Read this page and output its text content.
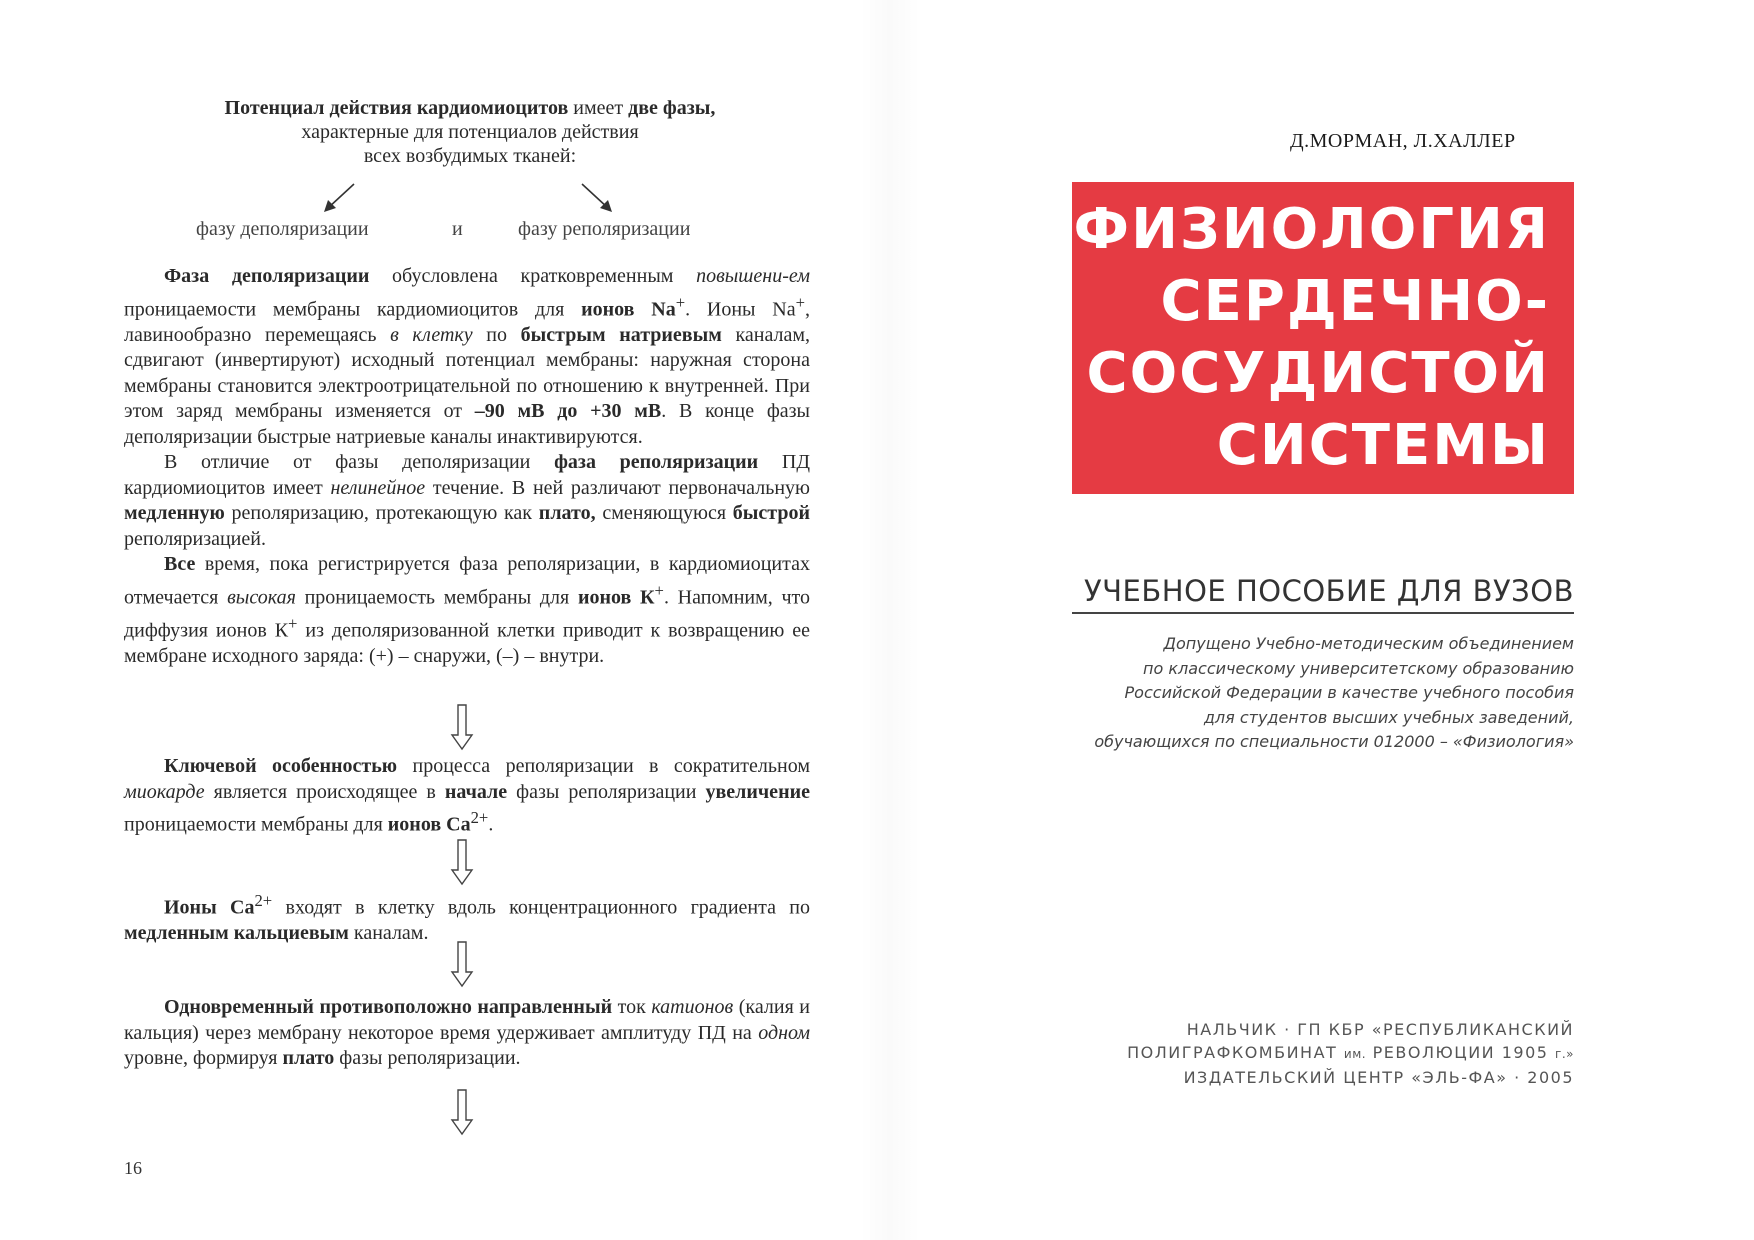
Потенциал действия кардиомиоцитов имеет две фазы,
характерные для потенциалов действия
всех возбудимых тканей:
фазу деполяризации	и	фазу реполяризации

Фаза деполяризации обусловлена кратковременным повышени-ем проницаемости мембраны кардиомиоцитов для ионов Na+. Ионы Na+, лавинообразно перемещаясь в клетку по быстрым натриевым каналам, сдвигают (инвертируют) исходный потенциал мембраны: наружная сторона мембраны становится электроотрицательной по отношению к внутренней. При этом заряд мембраны изменяется от –90 мВ до +30 мВ. В конце фазы деполяризации быстрые натриевые каналы инактивируются.

В отличие от фазы деполяризации фаза реполяризации ПД кардиомиоцитов имеет нелинейное течение. В ней различают первоначальную медленную реполяризацию, протекающую как плато, сменяющуюся быстрой реполяризацией.

Все время, пока регистрируется фаза реполяризации, в кардиомиоцитах отмечается высокая проницаемость мембраны для ионов К+. Напомним, что диффузия ионов К+ из деполяризованной клетки приводит к возвращению ее мембране исходного заряда: (+) – снаружи, (–) – внутри.

Ключевой особенностью процесса реполяризации в сократительном миокарде является происходящее в начале фазы реполяризации увеличение проницаемости мембраны для ионов $Са^{2+}$.

Ионы $Са^{2+}$ входят в клетку вдоль концентрационного градиента по медленным кальциевым каналам.

Одновременный противоположно направленный ток катионов (калия и кальция) через мембрану некоторое время удерживает амплитуду ПД на одном уровне, формируя плато фазы реполяризации.

16
Д.МОРМАН, Л.ХАЛЛЕР
ФИЗИОЛОГИЯ
СЕРДЕЧНО-
СОСУДИСТОЙ
СИСТЕМЫ
УЧЕБНОЕ ПОСОБИЕ ДЛЯ ВУЗОВ
Допущено Учебно-методическим объединением
по классическому университетскому образованию
Российской Федерации в качестве учебного пособия
для студентов высших учебных заведений,
обучающихся по специальности 012000 – «Физиология»
НАЛЬЧИК · ГП КБР «РЕСПУБЛИКАНСКИЙ
ПОЛИГРАФКОМБИНАТ им. РЕВОЛЮЦИИ 1905 г.»
ИЗДАТЕЛЬСКИЙ ЦЕНТР «ЭЛЬ-ФА» · 2005
